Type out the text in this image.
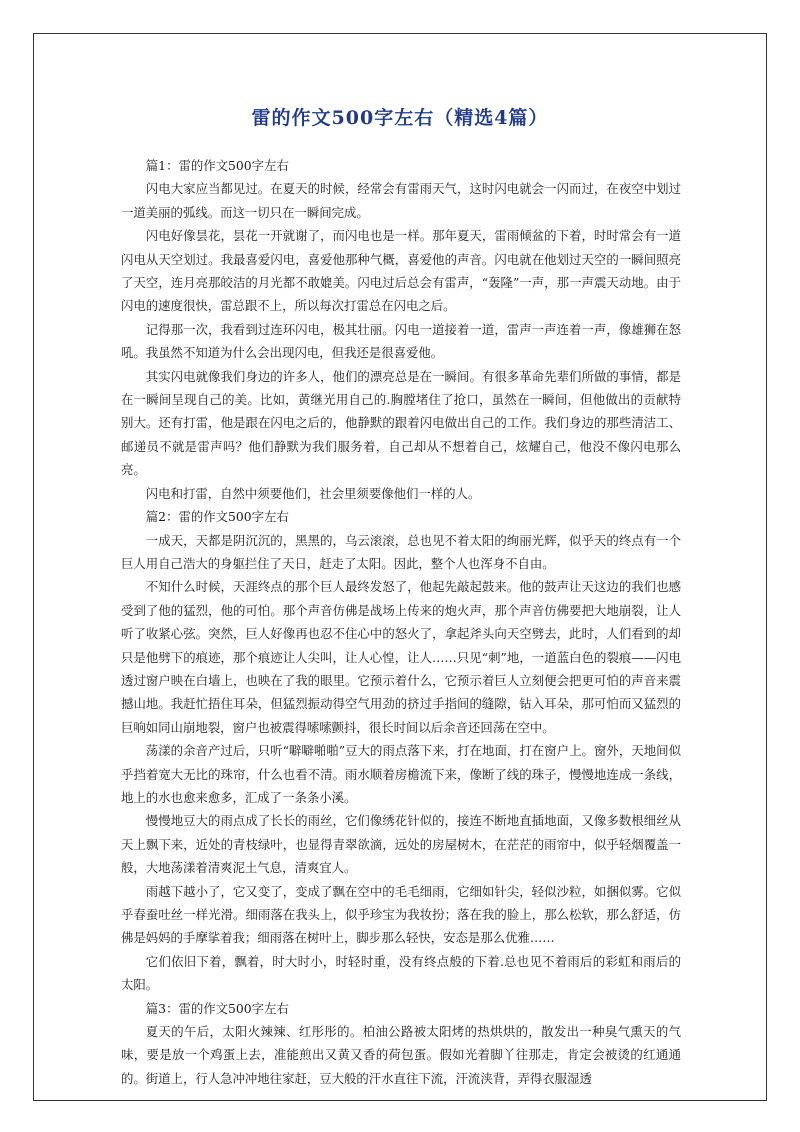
雷的作文500字左右（精选4篇）

篇1：雷的作文500字左右

闪电大家应当都见过。在夏天的时候，经常会有雷雨天气，这时闪电就会一闪而过，在夜空中划过一道美丽的弧线。而这一切只在一瞬间完成。

闪电好像昙花，昙花一开就谢了，而闪电也是一样。那年夏天，雷雨倾盆的下着，时时常会有一道闪电从天空划过。我最喜爱闪电，喜爱他那种气概，喜爱他的声音。闪电就在他划过天空的一瞬间照亮了天空，连月亮那皎洁的月光都不敢媲美。闪电过后总会有雷声，“轰隆”一声，那一声震天动地。由于闪电的速度很快，雷总跟不上，所以每次打雷总在闪电之后。

记得那一次，我看到过连环闪电，极其壮丽。闪电一道接着一道，雷声一声连着一声，像雄狮在怒吼。我虽然不知道为什么会出现闪电，但我还是很喜爱他。

其实闪电就像我们身边的许多人，他们的漂亮总是在一瞬间。有很多革命先辈们所做的事情，都是在一瞬间呈现自己的美。比如，黄继光用自己的.胸膛堵住了抢口，虽然在一瞬间，但他做出的贡献特别大。还有打雷，他是跟在闪电之后的，他静默的跟着闪电做出自己的工作。我们身边的那些清洁工、邮递员不就是雷声吗？他们静默为我们服务着，自己却从不想着自己，炫耀自己，他没不像闪电那么亮。

闪电和打雷，自然中须要他们，社会里须要像他们一样的人。

篇2：雷的作文500字左右

一成天，天都是阴沉沉的，黑黑的，乌云滚滚，总也见不着太阳的绚丽光辉，似乎天的终点有一个巨人用自己浩大的身躯拦住了天日，赶走了太阳。因此，整个人也浑身不自由。

不知什么时候，天涯终点的那个巨人最终发怒了，他起先敲起鼓来。他的鼓声让天这边的我们也感受到了他的猛烈，他的可怕。那个声音仿佛是战场上传来的炮火声，那个声音仿佛要把大地崩裂，让人听了收紧心弦。突然，巨人好像再也忍不住心中的怒火了，拿起斧头向天空劈去，此时，人们看到的却只是他劈下的痕迹，那个痕迹让人尖叫，让人心惶，让人……只见“刺”地，一道蓝白色的裂痕——闪电透过窗户映在白墙上，也映在了我的眼里。它预示着什么，它预示着巨人立刻便会把更可怕的声音来震撼山地。我赶忙捂住耳朵，但猛烈振动得空气用劲的挤过手指间的缝隙，钻入耳朵，那可怕而又猛烈的巨响如同山崩地裂，窗户也被震得嗦嗦颤抖，很长时间以后余音还回荡在空中。

荡漾的余音产过后，只听“噼噼啪啪”豆大的雨点落下来，打在地面，打在窗户上。窗外，天地间似乎挡着宽大无比的珠帘，什么也看不清。雨水顺着房檐流下来，像断了线的珠子，慢慢地连成一条线，地上的水也愈来愈多，汇成了一条条小溪。

慢慢地豆大的雨点成了长长的雨丝，它们像绣花针似的，接连不断地直插地面，又像多数根细丝从天上飘下来，近处的青枝绿叶，也显得青翠欲滴，远处的房屋树木，在茫茫的雨帘中，似乎轻烟覆盖一般，大地荡漾着清爽泥土气息，清爽宜人。

雨越下越小了，它又变了，变成了飘在空中的毛毛细雨，它细如针尖，轻似沙粒，如捆似雾。它似乎春蚕吐丝一样光滑。细雨落在我头上，似乎珍宝为我妆扮；落在我的脸上，那么松软，那么舒适，仿佛是妈妈的手摩挲着我；细雨落在树叶上，脚步那么轻快，安态是那么优雅……

它们依旧下着，飘着，时大时小，时轻时重，没有终点般的下着.总也见不着雨后的彩虹和雨后的太阳。

篇3：雷的作文500字左右

夏天的午后，太阳火辣辣、红彤彤的。柏油公路被太阳烤的热烘烘的，散发出一种臭气熏天的气味，要是放一个鸡蛋上去，准能煎出又黄又香的荷包蛋。假如光着脚丫往那走，肯定会被烫的红通通的。街道上，行人急冲冲地往家赶，豆大般的汗水直往下流，汗流浃背，弄得衣服湿透
